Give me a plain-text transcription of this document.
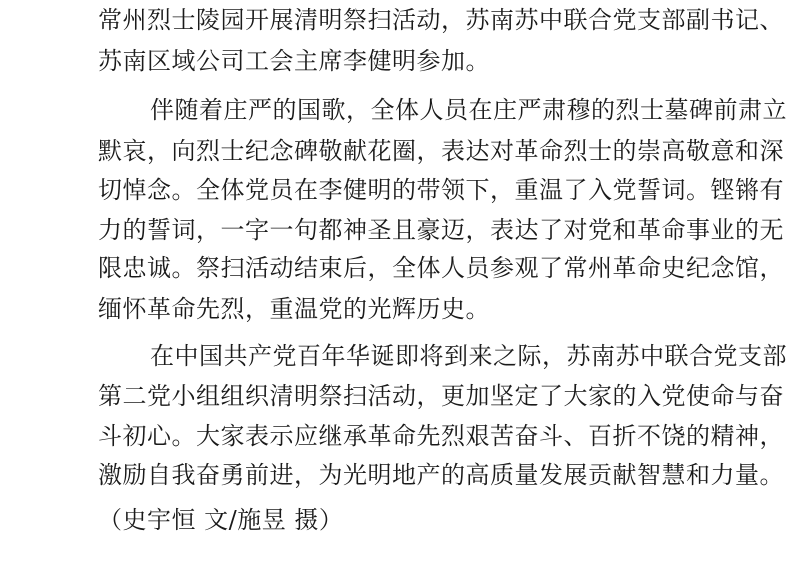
常州烈士陵园开展清明祭扫活动，苏南苏中联合党支部副书记、
苏南区域公司工会主席李健明参加。
伴随着庄严的国歌，全体人员在庄严肃穆的烈士墓碑前肃立
默哀，向烈士纪念碑敬献花圈，表达对革命烈士的崇高敬意和深
切悼念。全体党员在李健明的带领下，重温了入党誓词。铿锵有
力的誓词，一字一句都神圣且豪迈，表达了对党和革命事业的无
限忠诚。祭扫活动结束后，全体人员参观了常州革命史纪念馆，
缅怀革命先烈，重温党的光辉历史。
在中国共产党百年华诞即将到来之际，苏南苏中联合党支部
第二党小组组织清明祭扫活动，更加坚定了大家的入党使命与奋
斗初心。大家表示应继承革命先烈艰苦奋斗、百折不饶的精神，
激励自我奋勇前进，为光明地产的高质量发展贡献智慧和力量。
（史宇恒 文/施昱 摄）
